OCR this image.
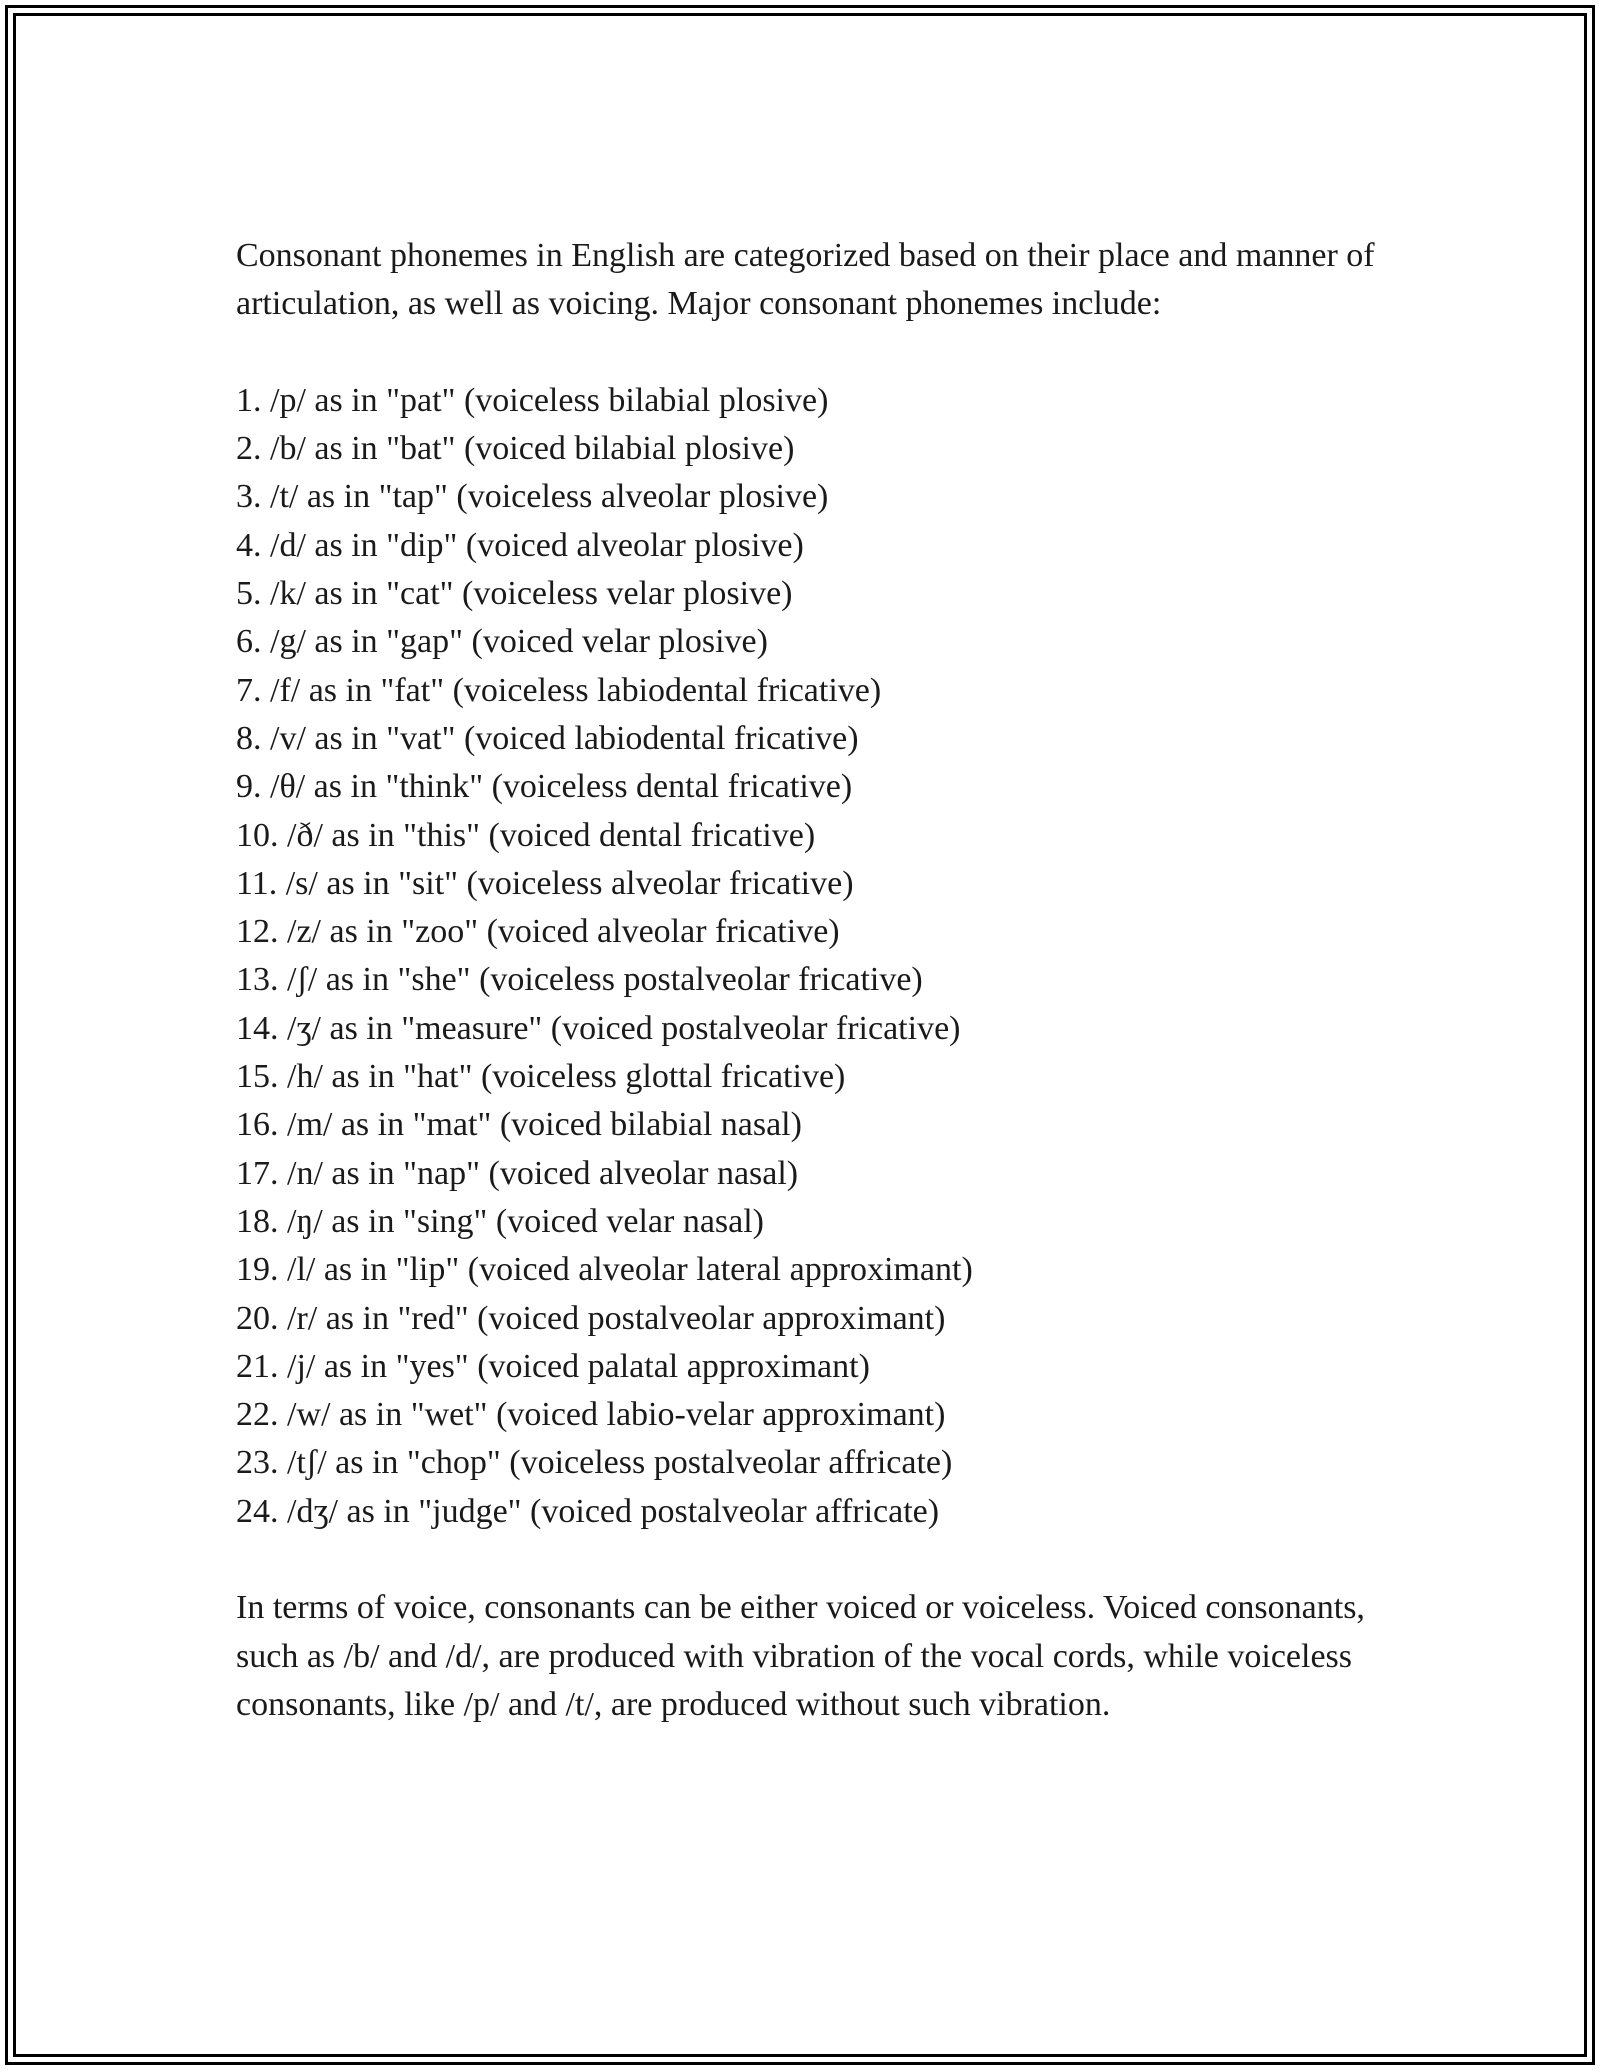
Consonant phonemes in English are categorized based on their place and manner of articulation, as well as voicing. Major consonant phonemes include:

1. /p/ as in "pat" (voiceless bilabial plosive)
2. /b/ as in "bat" (voiced bilabial plosive)
3. /t/ as in "tap" (voiceless alveolar plosive)
4. /d/ as in "dip" (voiced alveolar plosive)
5. /k/ as in "cat" (voiceless velar plosive)
6. /g/ as in "gap" (voiced velar plosive)
7. /f/ as in "fat" (voiceless labiodental fricative)
8. /v/ as in "vat" (voiced labiodental fricative)
9. /θ/ as in "think" (voiceless dental fricative)
10. /ð/ as in "this" (voiced dental fricative)
11. /s/ as in "sit" (voiceless alveolar fricative)
12. /z/ as in "zoo" (voiced alveolar fricative)
13. /ʃ/ as in "she" (voiceless postalveolar fricative)
14. /ʒ/ as in "measure" (voiced postalveolar fricative)
15. /h/ as in "hat" (voiceless glottal fricative)
16. /m/ as in "mat" (voiced bilabial nasal)
17. /n/ as in "nap" (voiced alveolar nasal)
18. /ŋ/ as in "sing" (voiced velar nasal)
19. /l/ as in "lip" (voiced alveolar lateral approximant)
20. /r/ as in "red" (voiced postalveolar approximant)
21. /j/ as in "yes" (voiced palatal approximant)
22. /w/ as in "wet" (voiced labio-velar approximant)
23. /tʃ/ as in "chop" (voiceless postalveolar affricate)
24. /dʒ/ as in "judge" (voiced postalveolar affricate)

In terms of voice, consonants can be either voiced or voiceless. Voiced consonants, such as /b/ and /d/, are produced with vibration of the vocal cords, while voiceless consonants, like /p/ and /t/, are produced without such vibration.
